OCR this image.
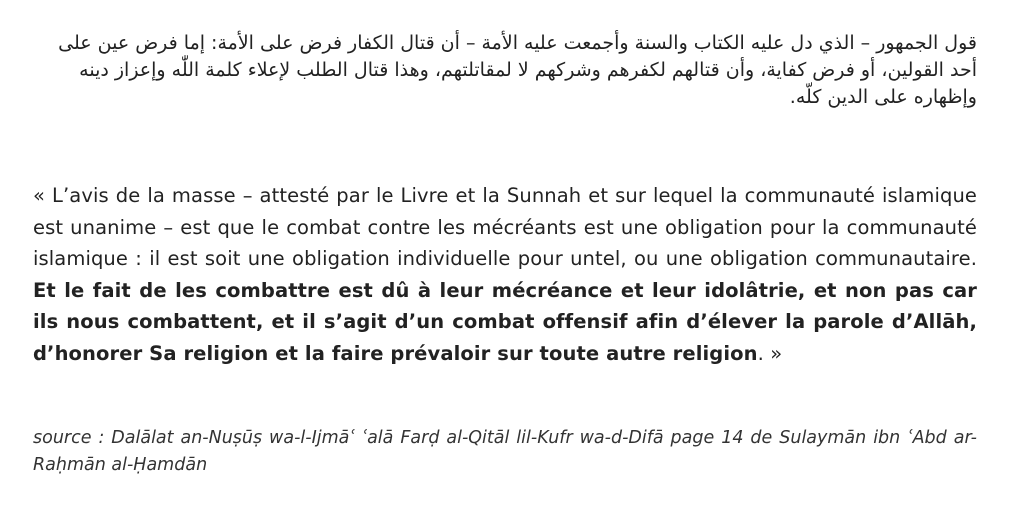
قول الجمهور – الذي دل عليه الكتاب والسنة وأجمعت عليه الأمة – أن قتال الكفار فرض على الأمة: إما فرض عين على أحد القولين، أو فرض كفاية، وأن قتالهم لكفرهم وشركهم لا لمقاتلتهم، وهذا قتال الطلب لإعلاء كلمة اللّٰه وإعزاز دينه وإظهاره على الدين كلّه.

« L’avis de la masse – attesté par le Livre et la Sunnah et sur lequel la communauté islamique est unanime – est que le combat contre les mécréants est une obligation pour la communauté islamique : il est soit une obligation individuelle pour untel, ou une obligation communautaire. Et le fait de les combattre est dû à leur mécréance et leur idolâtrie, et non pas car ils nous combattent, et il s’agit d’un combat offensif afin d’élever la parole d’Allāh, d’honorer Sa religion et la faire prévaloir sur toute autre religion. »

source : Dalālat an-Nuṣūṣ wa-l-Ijmāʿ ʿalā Farḍ al-Qitāl lil-Kufr wa-d-Difā page 14 de Sulaymān ibn ʿAbd ar-Raḥmān al-Ḥamdān
